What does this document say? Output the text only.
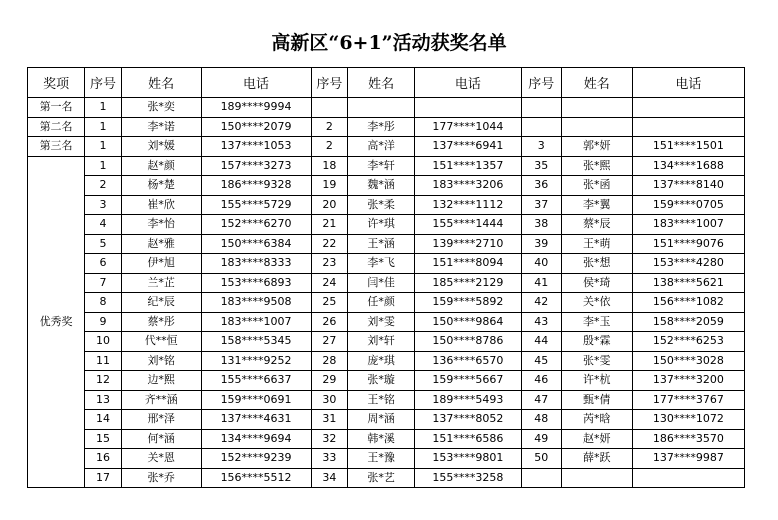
高新区“6+1”活动获奖名单
奖项	序号	姓名	电话	序号	姓名	电话	序号	姓名	电话
第一名	1	张*奕	189****9994						
第二名	1	李*诺	150****2079	2	李*彤	177****1044			
第三名	1	刘*媛	137****1053	2	高*洋	137****6941	3	郭*妍	151****1501
优秀奖	1	赵*颜	157****3273	18	李*轩	151****1357	35	张*熙	134****1688
	2	杨*楚	186****9328	19	魏*涵	183****3206	36	张*函	137****8140
	3	崔*欣	155****5729	20	张*柔	132****1112	37	李*翼	159****0705
	4	李*怡	152****6270	21	许*琪	155****1444	38	蔡*辰	183****1007
	5	赵*雅	150****6384	22	王*涵	139****2710	39	王*萌	151****9076
	6	伊*旭	183****8333	23	李*飞	151****8094	40	张*想	153****4280
	7	兰*芷	153****6893	24	闫*佳	185****2129	41	侯*琦	138****5621
	8	纪*辰	183****9508	25	任*颜	159****5892	42	关*依	156****1082
	9	蔡*彤	183****1007	26	刘*雯	150****9864	43	李*玉	158****2059
	10	代**恒	158****5345	27	刘*轩	150****8786	44	殷*霖	152****6253
	11	刘*铭	131****9252	28	庞*琪	136****6570	45	张*雯	150****3028
	12	边*熙	155****6637	29	张*璇	159****5667	46	许*杭	137****3200
	13	齐**涵	159****0691	30	王*铭	189****5493	47	甄*倩	177****3767
	14	邢*泽	137****4631	31	周*涵	137****8052	48	芮*晗	130****1072
	15	何*涵	134****9694	32	韩*溪	151****6586	49	赵*妍	186****3570
	16	关*恩	152****9239	33	王*豫	153****9801	50	薛*跃	137****9987
	17	张*乔	156****5512	34	张*艺	155****3258			
